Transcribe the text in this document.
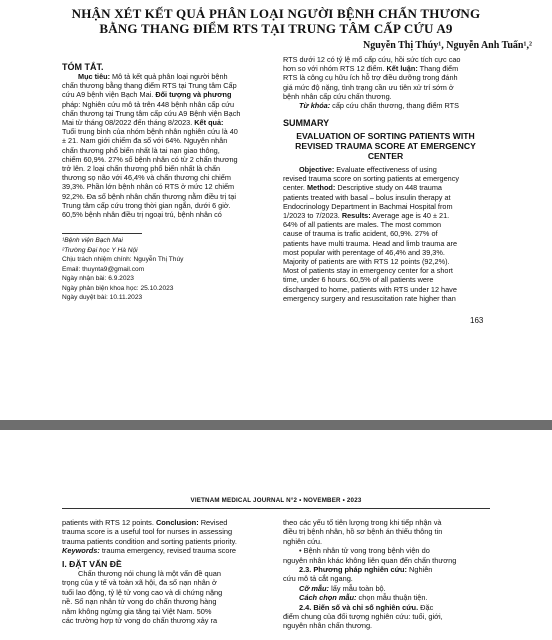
NHẬN XÉT KẾT QUẢ PHÂN LOẠI NGƯỜI BỆNH CHẤN THƯƠNG
BẰNG THANG ĐIỂM RTS TẠI TRUNG TÂM CẤP CỨU A9
Nguyễn Thị Thúy¹, Nguyễn Anh Tuấn¹,²
TÓM TẮT.
Mục tiêu: Mô tả kết quả phân loại người bệnh
chấn thương bằng thang điểm RTS tại Trung tâm Cấp
cứu A9 bệnh viện Bạch Mai. Đối tượng và phương
pháp: Nghiên cứu mô tả trên 448 bệnh nhân cấp cứu
chấn thương tại Trung tâm cấp cứu A9 Bệnh viện Bạch
Mai từ tháng 08/2022 đến tháng 8/2023. Kết quả:
Tuổi trung bình của nhóm bệnh nhân nghiên cứu là 40
± 21. Nam giới chiếm đa số với 64%. Nguyên nhân
chấn thương phổ biến nhất là tai nạn giao thông,
chiếm 60,9%. 27% số bệnh nhân có từ 2 chấn thương
trở lên. 2 loại chấn thương phổ biến nhất là chấn
thương sọ não với 46,4% và chấn thương chi chiếm
39,3%. Phần lớn bệnh nhân có RTS ở mức 12 chiếm
92,2%. Đa số bệnh nhân chấn thương nằm điều trị tại
Trung tâm cấp cứu trong thời gian ngắn, dưới 6 giờ.
60,5% bệnh nhân điều trị ngoại trú, bệnh nhân có
¹Bệnh viện Bạch Mai
²Trường Đại học Y Hà Nội
Chịu trách nhiệm chính: Nguyễn Thị Thúy
Email: thuynta9@gmail.com
Ngày nhận bài: 6.9.2023
Ngày phản biện khoa học: 25.10.2023
Ngày duyệt bài: 10.11.2023
RTS dưới 12 có tỷ lệ mổ cấp cứu, hồi sức tích cực cao
hơn so với nhóm RTS 12 điểm. Kết luận: Thang điểm
RTS là công cụ hữu ích hỗ trợ điều dưỡng trong đánh
giá mức độ nặng, tình trạng cần ưu tiên xử trí sớm ở
bệnh nhân cấp cứu chấn thương.
Từ khóa: cấp cứu chấn thương, thang điểm RTS
SUMMARY
EVALUATION OF SORTING PATIENTS WITH
REVISED TRAUMA SCORE AT EMERGENCY
CENTER
Objective: Evaluate effectiveness of using
revised trauma score on sorting patients at emergency
center. Method: Descriptive study on 448 trauma
patients treated with basal – bolus insulin therapy at
Endocrinology Department in Bachmai Hospital from
1/2023 to 7/2023. Results: Average age is 40 ± 21.
64% of all patients are males. The most common
cause of trauma is trafic acident, 60,9%. 27% of
patients have multi trauma. Head and limb trauma are
most popular with perentage of 46,4% and 39,3%.
Majority of patients are with RTS 12 points (92,2%).
Most of patients stay in emergency center for a short
time, under 6 hours. 60,5% of all patients were
discharged to home, patients with RTS under 12 have
emergency surgery and resuscitation rate higher than
163
VIETNAM MEDICAL JOURNAL N°2 • NOVEMBER • 2023
patients with RTS 12 points. Conclusion: Revised
trauma score is a useful tool for nurses in assessing
trauma patients condition and sorting patients priority.
Keywords: trauma emergency, revised trauma score
I. ĐẶT VẤN ĐỀ
Chấn thương nói chung là một vấn đề quan
trọng của y tế và toàn xã hội, đa số nạn nhân ở
tuổi lao động, tỷ lệ tử vong cao và di chứng nặng
nề. Số nạn nhân tử vong do chấn thương hàng
năm không ngừng gia tăng tại Việt Nam. 50%
các trường hợp tử vong do chấn thương xảy ra
theo các yếu tố tiên lượng trong khi tiếp nhận và
điều trị bệnh nhân, hồ sơ bệnh án thiếu thông tin
nghiên cứu.
• Bệnh nhân tử vong trong bệnh viện do
nguyên nhân khác không liên quan đến chấn thương
2.3. Phương pháp nghiên cứu: Nghiên
cứu mô tả cắt ngang.
Cỡ mẫu: lấy mẫu toàn bộ.
Cách chọn mẫu: chọn mẫu thuận tiện.
2.4. Biến số và chỉ số nghiên cứu. Đặc
điểm chung của đối tượng nghiên cứu: tuổi, giới,
nguyên nhân chấn thương.
